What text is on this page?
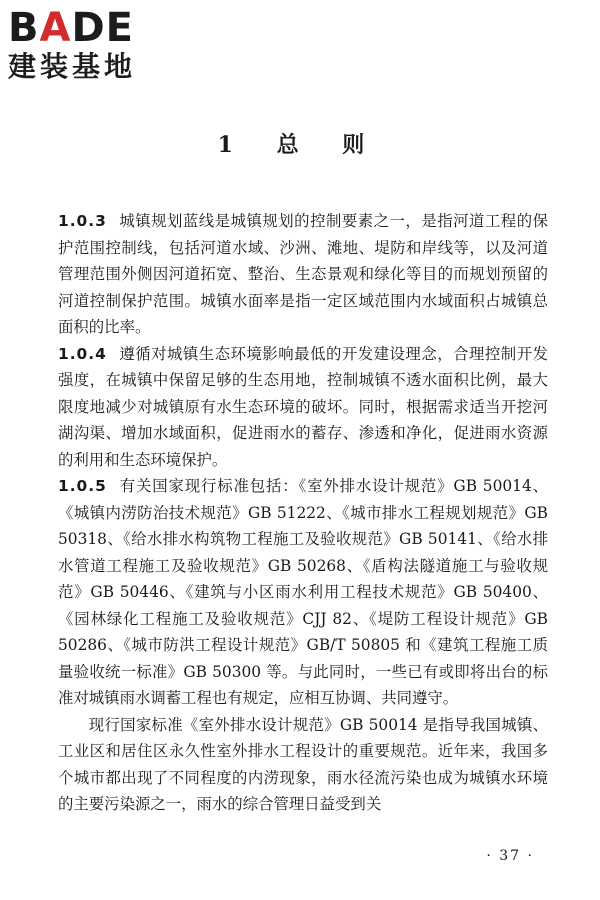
BADE
建装基地
1 总 则

1.0.3 城镇规划蓝线是城镇规划的控制要素之一，是指河道工程的保护范围控制线，包括河道水域、沙洲、滩地、堤防和岸线等，以及河道管理范围外侧因河道拓宽、整治、生态景观和绿化等目的而规划预留的河道控制保护范围。城镇水面率是指一定区域范围内水域面积占城镇总面积的比率。

1.0.4 遵循对城镇生态环境影响最低的开发建设理念，合理控制开发强度，在城镇中保留足够的生态用地，控制城镇不透水面积比例，最大限度地减少对城镇原有水生态环境的破坏。同时，根据需求适当开挖河湖沟渠、增加水域面积，促进雨水的蓄存、渗透和净化，促进雨水资源的利用和生态环境保护。

1.0.5 有关国家现行标准包括：《室外排水设计规范》GB 50014、《城镇内涝防治技术规范》GB 51222、《城市排水工程规划规范》GB 50318、《给水排水构筑物工程施工及验收规范》GB 50141、《给水排水管道工程施工及验收规范》GB 50268、《盾构法隧道施工与验收规范》GB 50446、《建筑与小区雨水利用工程技术规范》GB 50400、《园林绿化工程施工及验收规范》CJJ 82、《堤防工程设计规范》GB 50286、《城市防洪工程设计规范》GB/T 50805 和《建筑工程施工质量验收统一标准》GB 50300 等。与此同时，一些已有或即将出台的标准对城镇雨水调蓄工程也有规定，应相互协调、共同遵守。

现行国家标准《室外排水设计规范》GB 50014 是指导我国城镇、工业区和居住区永久性室外排水工程设计的重要规范。近年来，我国多个城市都出现了不同程度的内涝现象，雨水径流污染也成为城镇水环境的主要污染源之一，雨水的综合管理日益受到关

· 37 ·
